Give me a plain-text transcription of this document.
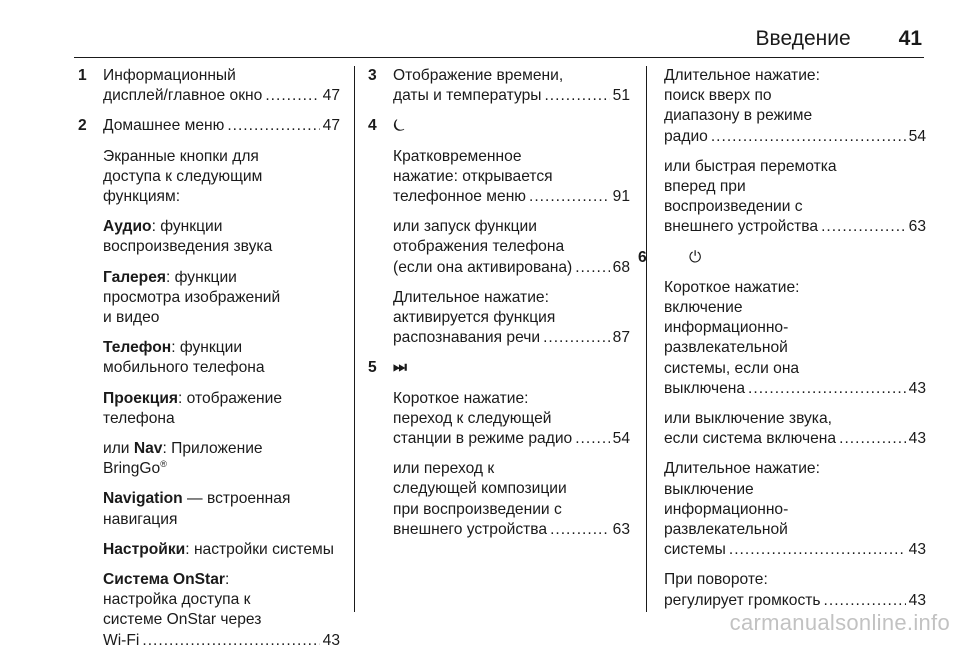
Введение 41
1 Информационный
дисплей/главное окно .....	47
2 Домашнее меню .....	47
Экранные кнопки для
доступа к следующим
функциям:
Аудио: функции
воспроизведения звука
Галерея: функции
просмотра изображений
и видео
Телефон: функции
мобильного телефона
Проекция: отображение
телефона
или Nav: Приложение
BringGo®
Navigation — встроенная
навигация
Настройки: настройки системы
Система OnStar:
настройка доступа к
системе OnStar через
Wi-Fi .....	43
3 Отображение времени,
даты и температуры .....	51
4 ⏾
Кратковременное
нажатие: открывается
телефонное меню .....	91
или запуск функции
отображения телефона
(если она активирована) .....	68
Длительное нажатие:
активируется функция
распознавания речи .....	87
5 ⏭
Короткое нажатие:
переход к следующей
станции в режиме радио .....	54
или переход к
следующей композиции
при воспроизведении с
внешнего устройства .....	63
Длительное нажатие:
поиск вверх по
диапазону в режиме
радио .....	54
или быстрая перемотка
вперед при
воспроизведении с
внешнего устройства .....	63
6	⏻
Короткое нажатие:
включение
информационно-
развлекательной
системы, если она
выключена .....	43
или выключение звука,
если система включена .....	43
Длительное нажатие:
выключение
информационно-
развлекательной
системы .....	43
При повороте:
регулирует громкость .....	43
carmanualsonline.info
